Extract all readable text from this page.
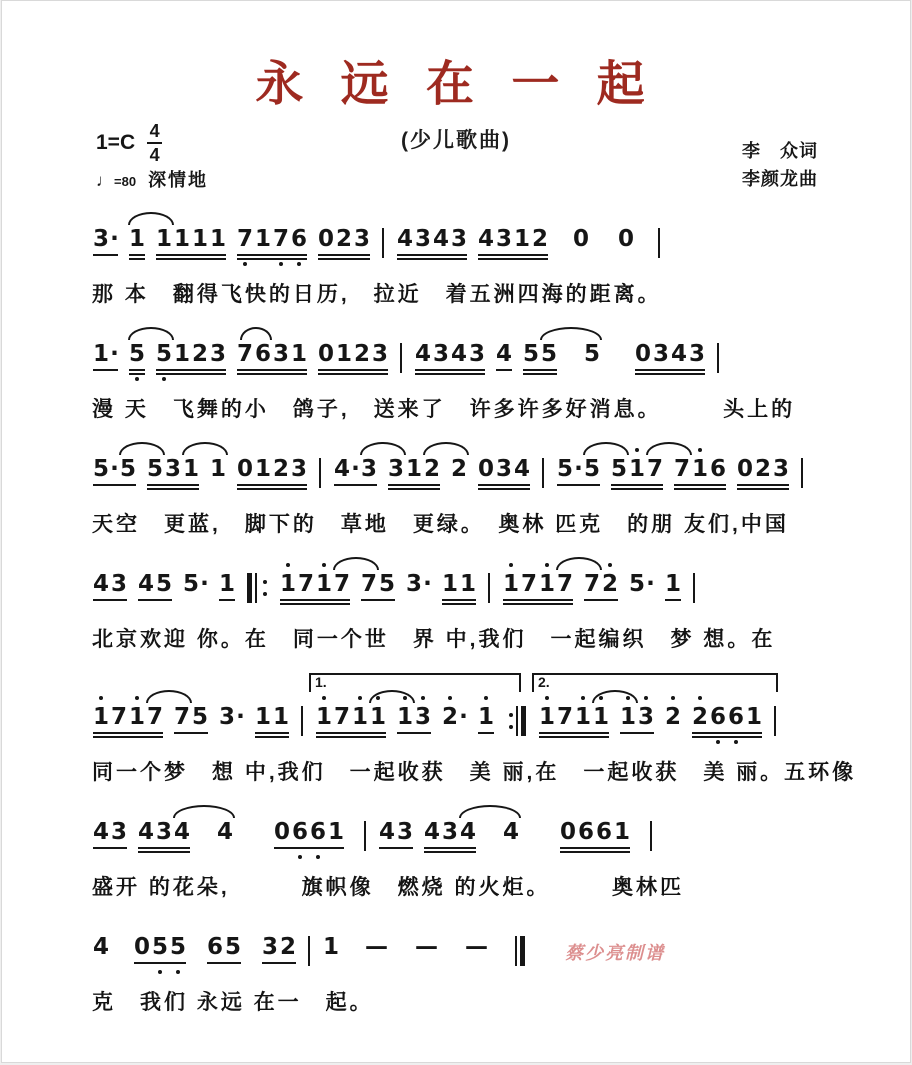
永 远 在 一 起
(少儿歌曲)
$1=C \frac{4}{4}$
♩ =80 深情地
李　众词
李颜龙曲
3 · 1 1 1 1 1 7 1 7 6 0 2 3 4 3 4 3 4 3 1 2 0 0
那 本　翻得飞快的日历,　拉近　着五洲四海的距离。
1 · 5 5 1 2 3 7 6 3 1 0 1 2 3 4 3 4 3 4 5 5 5 0 3 4 3
漫 天　飞舞的小　鸽子,　送来了　许多许多好消息。　　　头上的
5 · 5 5 3 1 1 0 1 2 3 4 · 3 3 1 2 2 0 3 4 5 · 5 5 1 7 7 1 6 0 2 3
天空　更蓝,　脚下的　草地　更绿。　奥林 匹克　的朋 友们,中国
4 3 4 5 5 · 1 1 7 1 7 7 5 3 · 1 1 1 7 1 7 7 2 5 · 1
北京欢迎 你。在　同一个世　界 中,我们　一起编织　梦 想。在
1 7 1 7 7 5 3 · 1 1 1 7 1 1
1.
1 3 2 · 1 1 7 1 1
2.
1 3 2 2 6 6 1
同一个梦　想 中,我们　一起收获　美 丽,在　一起收获　美 丽。五环像
4 3 4 3 4 4 0 6 6 1 4 3 4 3 4 4 0 6 6 1
盛开 的花朵,　　　旗帜像　燃烧 的火炬。　　　奥林匹
4 0 5 5 6 5 3 2 1 — — —	蔡少亮制谱
克　我们 永远 在一　起。
